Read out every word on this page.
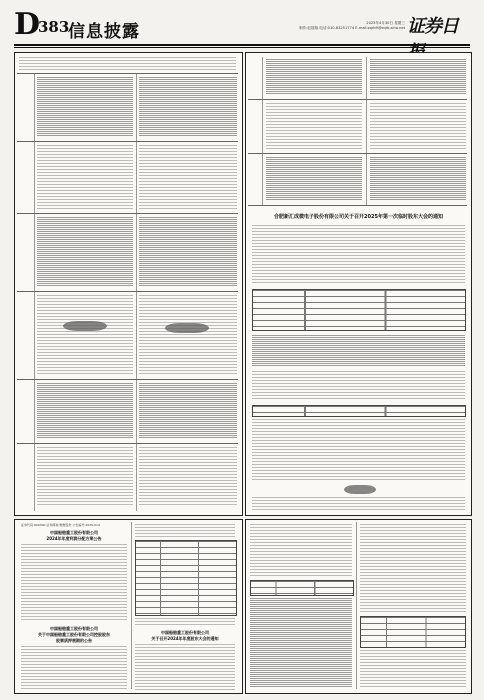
D
383
信息披露	2025年4月30日 星期三
制作:赵翔翔 电话:010-83251774 E-mail:zqrb9@zqrb.sina.net 证券日
合肥新汇成微电子股份有限公司关于召开2025年第一次临时股东大会的通知
证券代码:600300 证券简称:维维股份 公告编号:2025-014
中国船舶重工股份有限公司
2024年年度利润分配方案公告
中国船舶重工股份有限公司
关于中国船舶重工股份有限公司控股股东
股票质押展期的公告
中国船舶重工股份有限公司
关于召开2024年年度股东大会的通知
